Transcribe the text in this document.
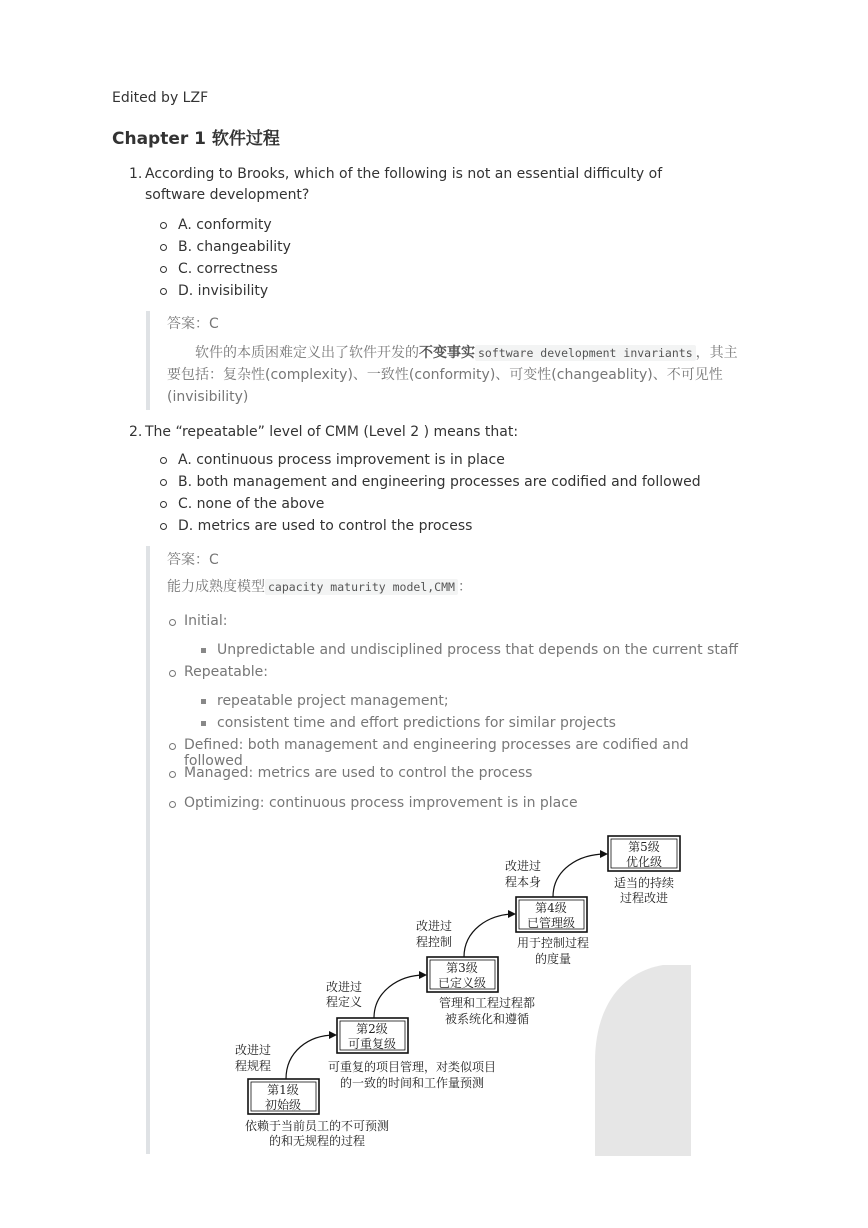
Edited by LZF
Chapter 1 软件过程
1. According to Brooks, which of the following is not an essential difficulty of software development?
A. conformity
B. changeability
C. correctness
D. invisibility
答案：C
软件的本质困难定义出了软件开发的不变事实 software development invariants ，其主要包括：复杂性(complexity)、一致性(conformity)、可变性(changeablity)、不可见性(invisibility)
2. The “repeatable” level of CMM (Level 2 ) means that:
A. continuous process improvement is in place
B. both management and engineering processes are codified and followed
C. none of the above
D. metrics are used to control the process
答案：C
能力成熟度模型 capacity maturity model,CMM ：
Initial:
Unpredictable and undisciplined process that depends on the current staff
Repeatable:
repeatable project management;
consistent time and effort predictions for similar projects
Defined: both management and engineering processes are codified and followed
Managed: metrics are used to control the process
Optimizing: continuous process improvement is in place
第1级
初始级
依赖于当前员工的不可预测
的和无规程的过程
第2级
可重复级
可重复的项目管理，对类似项目
的一致的时间和工作量预测
第3级
已定义级
管理和工程过程都
被系统化和遵循
第4级
已管理级
用于控制过程
的度量
第5级
优化级
适当的持续
过程改进
改进过
程规程
改进过
程定义
改进过
程控制
改进过
程本身
